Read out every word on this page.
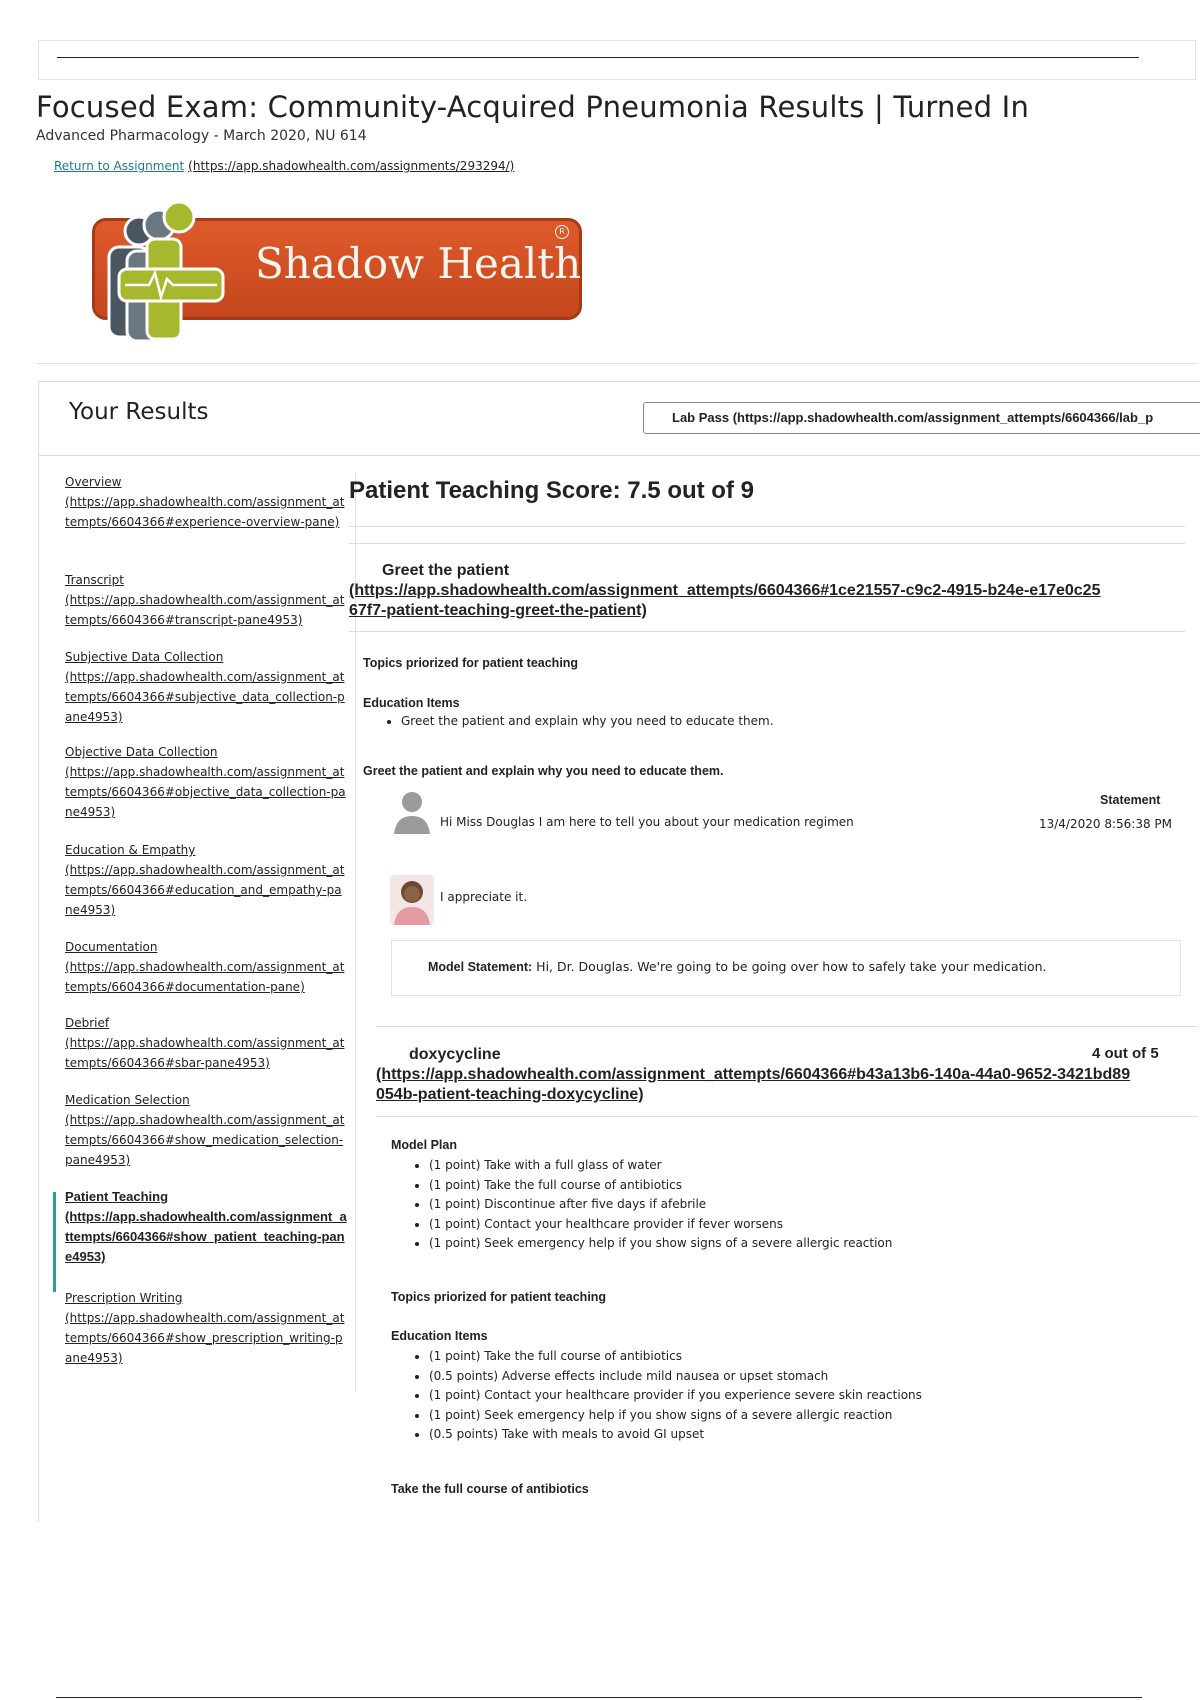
Focused Exam: Community-Acquired Pneumonia Results | Turned In
Advanced Pharmacology - March 2020, NU 614
Return to Assignment (https://app.shadowhealth.com/assignments/293294/)
Shadow Health
R
Your Results	Lab Pass (https://app.shadowhealth.com/assignment_attempts/6604366/lab_p
Overview
(https://app.shadowhealth.com/assignment_attempts/6604366#experience-overview-pane)
Transcript
(https://app.shadowhealth.com/assignment_attempts/6604366#transcript-pane4953)
Subjective Data Collection
(https://app.shadowhealth.com/assignment_attempts/6604366#subjective_data_collection-pane4953)
Objective Data Collection
(https://app.shadowhealth.com/assignment_attempts/6604366#objective_data_collection-pane4953)
Education & Empathy
(https://app.shadowhealth.com/assignment_attempts/6604366#education_and_empathy-pane4953)
Documentation
(https://app.shadowhealth.com/assignment_attempts/6604366#documentation-pane)
Debrief
(https://app.shadowhealth.com/assignment_attempts/6604366#sbar-pane4953)
Medication Selection
(https://app.shadowhealth.com/assignment_attempts/6604366#show_medication_selection-pane4953)
Patient Teaching
(https://app.shadowhealth.com/assignment_attempts/6604366#show_patient_teaching-pane4953)
Prescription Writing
(https://app.shadowhealth.com/assignment_attempts/6604366#show_prescription_writing-pane4953)
Patient Teaching Score: 7.5 out of 9
Greet the patient
(https://app.shadowhealth.com/assignment_attempts/6604366#1ce21557-c9c2-4915-b24e-e17e0c2567f7-patient-teaching-greet-the-patient)
Topics priorized for patient teaching
Education Items
• Greet the patient and explain why you need to educate them.
Greet the patient and explain why you need to educate them.
Statement
Hi Miss Douglas I am here to tell you about your medication regimen	13/4/2020 8:56:38 PM
I appreciate it.
Model Statement: Hi, Dr. Douglas. We're going to be going over how to safely take your medication.
doxycycline
(https://app.shadowhealth.com/assignment_attempts/6604366#b43a13b6-140a-44a0-9652-3421bd89054b-patient-teaching-doxycycline)
4 out of 5
Model Plan
• (1 point) Take with a full glass of water
• (1 point) Take the full course of antibiotics
• (1 point) Discontinue after five days if afebrile
• (1 point) Contact your healthcare provider if fever worsens
• (1 point) Seek emergency help if you show signs of a severe allergic reaction
Topics priorized for patient teaching
Education Items
• (1 point) Take the full course of antibiotics
• (0.5 points) Adverse effects include mild nausea or upset stomach
• (1 point) Contact your healthcare provider if you experience severe skin reactions
• (1 point) Seek emergency help if you show signs of a severe allergic reaction
• (0.5 points) Take with meals to avoid GI upset
Take the full course of antibiotics
